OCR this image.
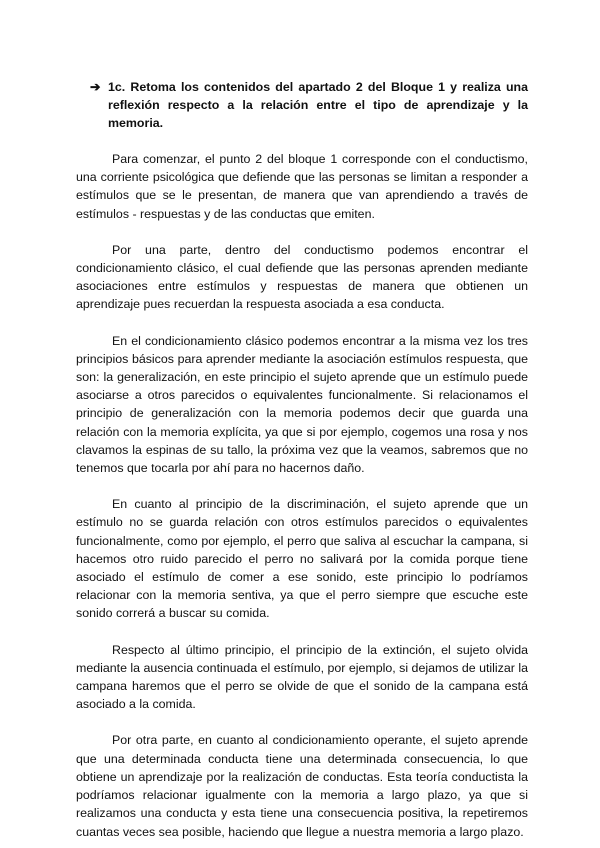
➔ 1c. Retoma los contenidos del apartado 2 del Bloque 1 y realiza una reflexión respecto a la relación entre el tipo de aprendizaje y la memoria.

Para comenzar, el punto 2 del bloque 1 corresponde con el conductismo, una corriente psicológica que defiende que las personas se limitan a responder a estímulos que se le presentan, de manera que van aprendiendo a través de estímulos - respuestas y de las conductas que emiten.

Por una parte, dentro del conductismo podemos encontrar el condicionamiento clásico, el cual defiende que las personas aprenden mediante asociaciones entre estímulos y respuestas de manera que obtienen un aprendizaje pues recuerdan la respuesta asociada a esa conducta.

En el condicionamiento clásico podemos encontrar a la misma vez los tres principios básicos para aprender mediante la asociación estímulos respuesta, que son: la generalización, en este principio el sujeto aprende que un estímulo puede asociarse a otros parecidos o equivalentes funcionalmente. Si relacionamos el principio de generalización con la memoria podemos decir que guarda una relación con la memoria explícita, ya que si por ejemplo, cogemos una rosa y nos clavamos la espinas de su tallo, la próxima vez que la veamos, sabremos que no tenemos que tocarla por ahí para no hacernos daño.

En cuanto al principio de la discriminación, el sujeto aprende que un estímulo no se guarda relación con otros estímulos parecidos o equivalentes funcionalmente, como por ejemplo, el perro que saliva al escuchar la campana, si hacemos otro ruido parecido el perro no salivará por la comida porque tiene asociado el estímulo de comer a ese sonido, este principio lo podríamos relacionar con la memoria sentiva, ya que el perro siempre que escuche este sonido correrá a buscar su comida.

Respecto al último principio, el principio de la extinción, el sujeto olvida mediante la ausencia continuada el estímulo, por ejemplo, si dejamos de utilizar la campana haremos que el perro se olvide de que el sonido de la campana está asociado a la comida.

Por otra parte, en cuanto al condicionamiento operante, el sujeto aprende que una determinada conducta tiene una determinada consecuencia, lo que obtiene un aprendizaje por la realización de conductas. Esta teoría conductista la podríamos relacionar igualmente con la memoria a largo plazo, ya que si realizamos una conducta y esta tiene una consecuencia positiva, la repetiremos cuantas veces sea posible, haciendo que llegue a nuestra memoria a largo plazo.
